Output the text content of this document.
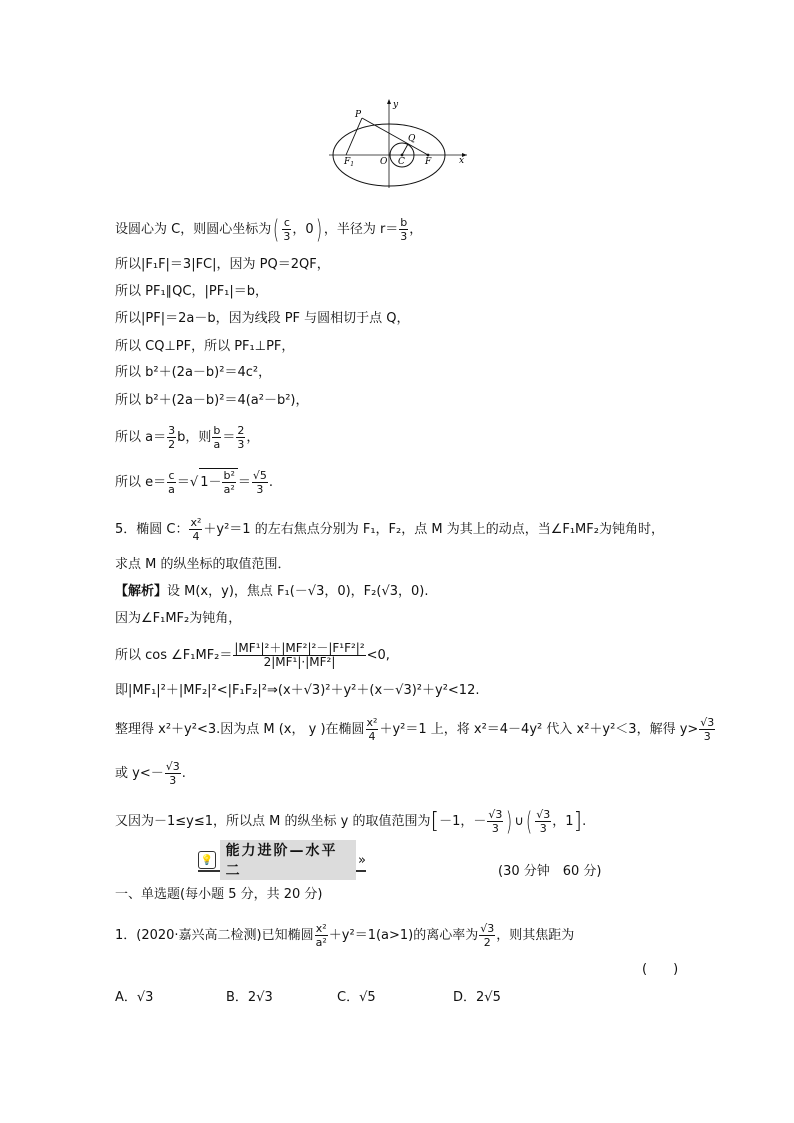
y
x
P
Q
$F_1$	O C F
设圆心为 C，则圆心坐标为( $\frac{c}{3}$ ，0) ，半径为 $r= \frac{b}{3}$ ，
所以|F₁F|＝3|FC|，因为 PQ＝2QF，
所以 PF₁∥QC，|PF₁|＝b，
所以|PF|＝2a－b，因为线段 PF 与圆相切于点 Q，
所以 CQ⊥PF，所以 PF₁⊥PF，
所以 b²＋(2a－b)²＝4c²，
所以 b²＋(2a－b)²＝4(a²－b²)，
所以 $a= \frac{3}{2}$ b，则 $\frac{b}{a} = \frac{2}{3}$ ，
所以 $e= \frac{c}{a}$ ＝√ $1- \frac{\text{b²}}{\text{a²}} = \frac{√5}{3}$ .
5．椭圆 C： $\frac{\text{x²}}{4} +y^2=1$ 的左右焦点分别为 F₁，F₂，点 M 为其上的动点，当∠F₁MF₂为钝角时，
求点 M 的纵坐标的取值范围．
【解析】设 M(x，y)，焦点 F₁(－√3，0)，F₂(√3，0).
因为∠F₁MF₂为钝角，
所以 cos ∠F₁MF₂＝ $\frac{\text{|MF¹|²＋|MF²|²－|F¹F²|²}}{\text{2|MF¹|·|MF²|}} <0$,
即|MF₁|²＋|MF₂|²<|F₁F₂|²⇒(x＋√3)²＋y²＋(x－√3)²＋y²<12.
整理得 x²＋y²<3.因为点 M (x， y )在椭圆 $\frac{\text{x²}}{4} +y^2=1$ 上，将 x²＝4－4y² 代入 x²＋y²＜3，解得 $y> \frac{√3}{3}$
或 $y<- \frac{√3}{3}$ .
又因为－1≤y≤1，所以点 M 的纵坐标 y 的取值范围为[－1，－ $\frac{√3}{3}$ ) ∪( $\frac{√3}{3}$ ，1].
💡
能力进阶—水平二
»
(30 分钟　60 分)
一、单选题(每小题 5 分，共 20 分)
1．(2020·嘉兴高二检测)已知椭圆 $\frac{\text{x²}}{\text{a²}} +y^2=1(a>1)$的离心率为 $\frac{√3}{2}$ ，则其焦距为
(　　)
A．√3	B．2√3	C．√5	D．2√5
